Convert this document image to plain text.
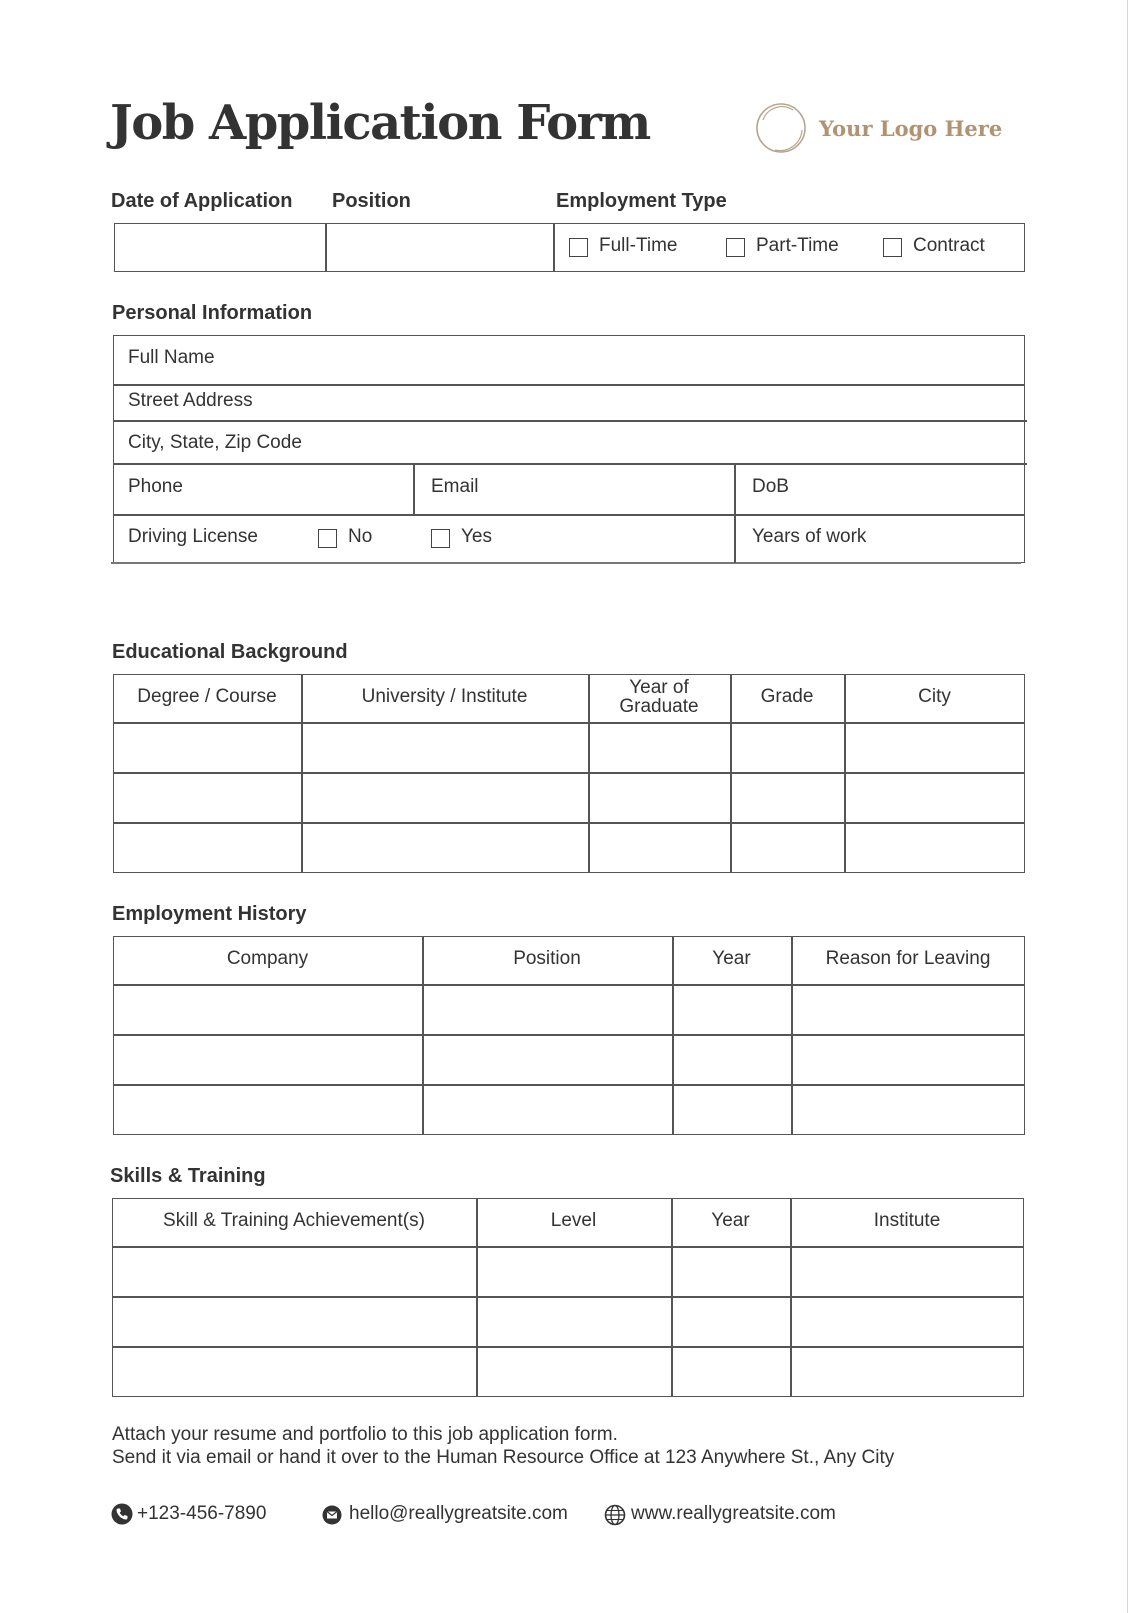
Job Application Form	Your Logo Here
Date of Application Position	Employment Type
Full-Time	Part-Time	Contract
Personal Information
Full Name
Street Address
City, State, Zip Code
Phone	Email	DoB
Driving License	No	Yes	Years of work
Educational Background
Degree / Course	University / Institute	Year of Graduate	Grade	City
Employment History
Company	Position	Year	Reason for Leaving
Skills & Training
Skill & Training Achievement(s)	Level	Year	Institute
Attach your resume and portfolio to this job application form.
Send it via email or hand it over to the Human Resource Office at 123 Anywhere St., Any City
+123-456-7890	hello@reallygreatsite.com	www.reallygreatsite.com
